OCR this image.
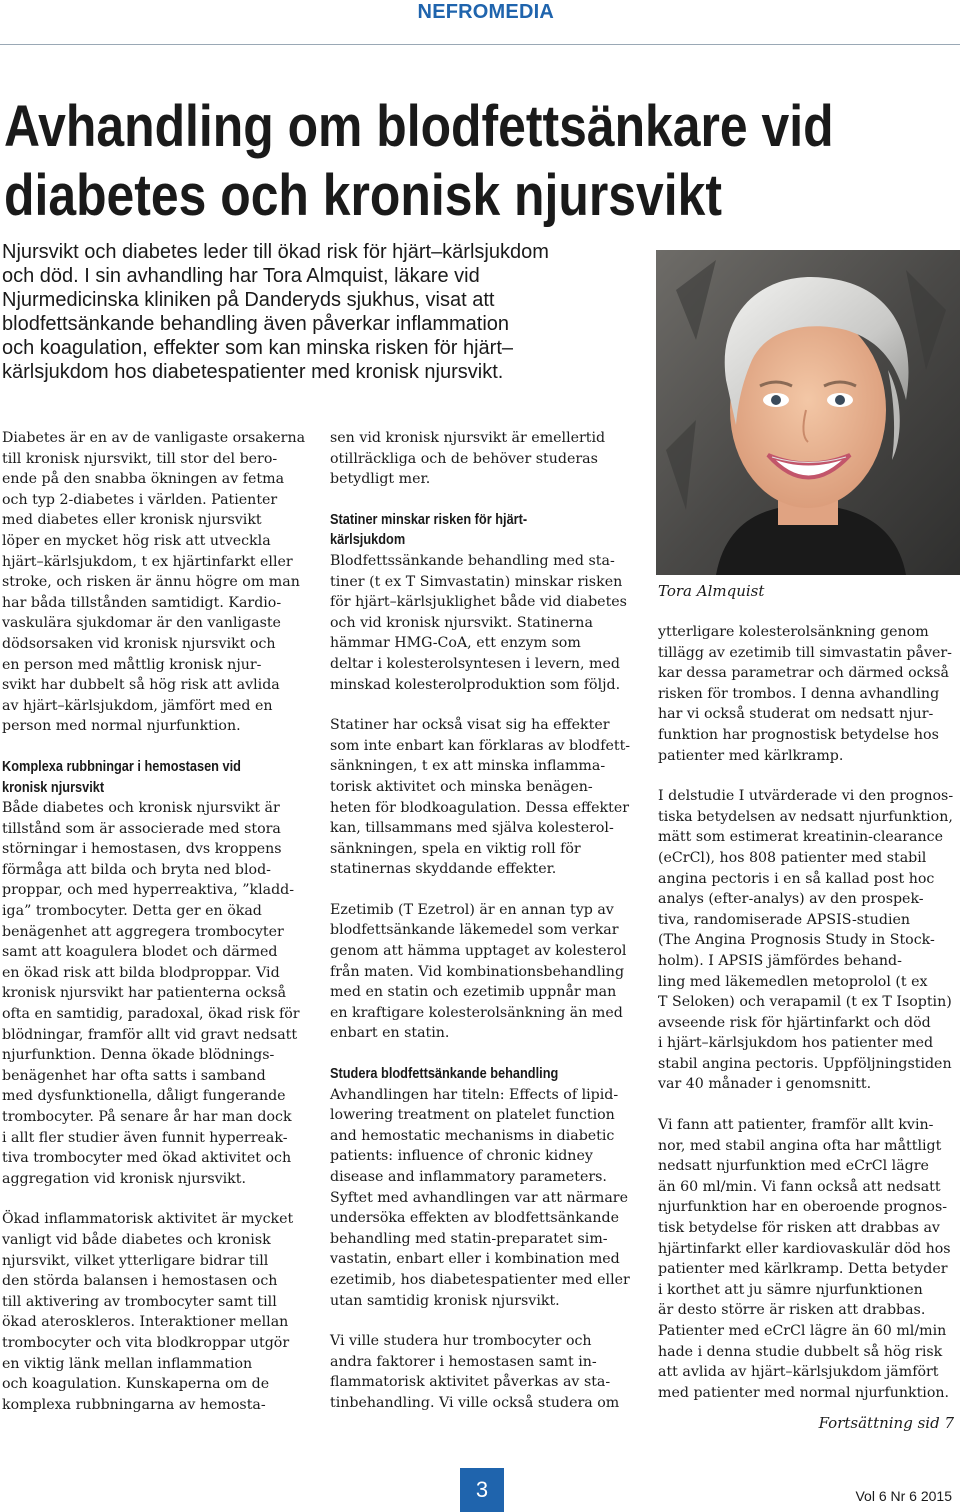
NEFROMEDIA
Avhandling om blodfettsänkare vid
diabetes och kronisk njursvikt

Njursvikt och diabetes leder till ökad risk för hjärt–kärlsjukdom
och död. I sin avhandling har Tora Almquist, läkare vid
Njurmedicinska kliniken på Danderyds sjukhus, visat att
blodfettsänkande behandling även påverkar inflammation
och koagulation, effekter som kan minska risken för hjärt–
kärlsjukdom hos diabetespatienter med kronisk njursvikt.

Tora Almquist
Diabetes är en av de vanligaste orsakerna
till kronisk njursvikt, till stor del bero-
ende på den snabba ökningen av fetma
och typ 2-diabetes i världen. Patienter
med diabetes eller kronisk njursvikt
löper en mycket hög risk att utveckla
hjärt–kärlsjukdom, t ex hjärtinfarkt eller
stroke, och risken är ännu högre om man
har båda tillstånden samtidigt. Kardio-
vaskulära sjukdomar är den vanligaste
dödsorsaken vid kronisk njursvikt och
en person med måttlig kronisk njur-
svikt har dubbelt så hög risk att avlida
av hjärt–kärlsjukdom, jämfört med en
person med normal njurfunktion.
Komplexa rubbningar i hemostasen vid
kronisk njursvikt
Både diabetes och kronisk njursvikt är
tillstånd som är associerade med stora
störningar i hemostasen, dvs kroppens
förmåga att bilda och bryta ned blod-
proppar, och med hyperreaktiva, ”kladd-
iga” trombocyter. Detta ger en ökad
benägenhet att aggregera trombocyter
samt att koagulera blodet och därmed
en ökad risk att bilda blodproppar. Vid
kronisk njursvikt har patienterna också
ofta en samtidig, paradoxal, ökad risk för
blödningar, framför allt vid gravt nedsatt
njurfunktion. Denna ökade blödnings-
benägenhet har ofta satts i samband
med dysfunktionella, dåligt fungerande
trombocyter. På senare år har man dock
i allt fler studier även funnit hyperreak-
tiva trombocyter med ökad aktivitet och
aggregation vid kronisk njursvikt.
Ökad inflammatorisk aktivitet är mycket
vanligt vid både diabetes och kronisk
njursvikt, vilket ytterligare bidrar till
den störda balansen i hemostasen och
till aktivering av trombocyter samt till
ökad ateroskleros. Interaktioner mellan
trombocyter och vita blodkroppar utgör
en viktig länk mellan inflammation
och koagulation. Kunskaperna om de
komplexa rubbningarna av hemosta-
sen vid kronisk njursvikt är emellertid
otillräckliga och de behöver studeras
betydligt mer.
Statiner minskar risken för hjärt-
kärlsjukdom
Blodfettssänkande behandling med sta-
tiner (t ex T Simvastatin) minskar risken
för hjärt–kärlsjuklighet både vid diabetes
och vid kronisk njursvikt. Statinerna
hämmar HMG-CoA, ett enzym som
deltar i kolesterolsyntesen i levern, med
minskad kolesterolproduktion som följd.
Statiner har också visat sig ha effekter
som inte enbart kan förklaras av blodfett-
sänkningen, t ex att minska inflamma-
torisk aktivitet och minska benägen-
heten för blodkoagulation. Dessa effekter
kan, tillsammans med själva kolesterol-
sänkningen, spela en viktig roll för
statinernas skyddande effekter.
Ezetimib (T Ezetrol) är en annan typ av
blodfettsänkande läkemedel som verkar
genom att hämma upptaget av kolesterol
från maten. Vid kombinationsbehandling
med en statin och ezetimib uppnår man
en kraftigare kolesterolsänkning än med
enbart en statin.
Studera blodfettsänkande behandling
Avhandlingen har titeln: Effects of lipid-
lowering treatment on platelet function
and hemostatic mechanisms in diabetic
patients: influence of chronic kidney
disease and inflammatory parameters.
Syftet med avhandlingen var att närmare
undersöka effekten av blodfettsänkande
behandling med statin-preparatet sim-
vastatin, enbart eller i kombination med
ezetimib, hos diabetespatienter med eller
utan samtidig kronisk njursvikt.
Vi ville studera hur trombocyter och
andra faktorer i hemostasen samt in-
flammatorisk aktivitet påverkas av sta-
tinbehandling. Vi ville också studera om
ytterligare kolesterolsänkning genom
tillägg av ezetimib till simvastatin påver-
kar dessa parametrar och därmed också
risken för trombos. I denna avhandling
har vi också studerat om nedsatt njur-
funktion har prognostisk betydelse hos
patienter med kärlkramp.
I delstudie I utvärderade vi den prognos-
tiska betydelsen av nedsatt njurfunktion,
mätt som estimerat kreatinin-clearance
(eCrCl), hos 808 patienter med stabil
angina pectoris i en så kallad post hoc
analys (efter-analys) av den prospek-
tiva, randomiserade APSIS-studien
(The Angina Prognosis Study in Stock-
holm). I APSIS jämfördes behand-
ling med läkemedlen metoprolol (t ex
T Seloken) och verapamil (t ex T Isoptin)
avseende risk för hjärtinfarkt och död
i hjärt–kärlsjukdom hos patienter med
stabil angina pectoris. Uppföljningstiden
var 40 månader i genomsnitt.
Vi fann att patienter, framför allt kvin-
nor, med stabil angina ofta har måttligt
nedsatt njurfunktion med eCrCl lägre
än 60 ml/min. Vi fann också att nedsatt
njurfunktion har en oberoende prognos-
tisk betydelse för risken att drabbas av
hjärtinfarkt eller kardiovaskulär död hos
patienter med kärlkramp. Detta betyder
i korthet att ju sämre njurfunktionen
är desto större är risken att drabbas.
Patienter med eCrCl lägre än 60 ml/min
hade i denna studie dubbelt så hög risk
att avlida av hjärt–kärlsjukdom jämfört
med patienter med normal njurfunktion.
Fortsättning sid 7
3	Vol 6 Nr 6 2015
